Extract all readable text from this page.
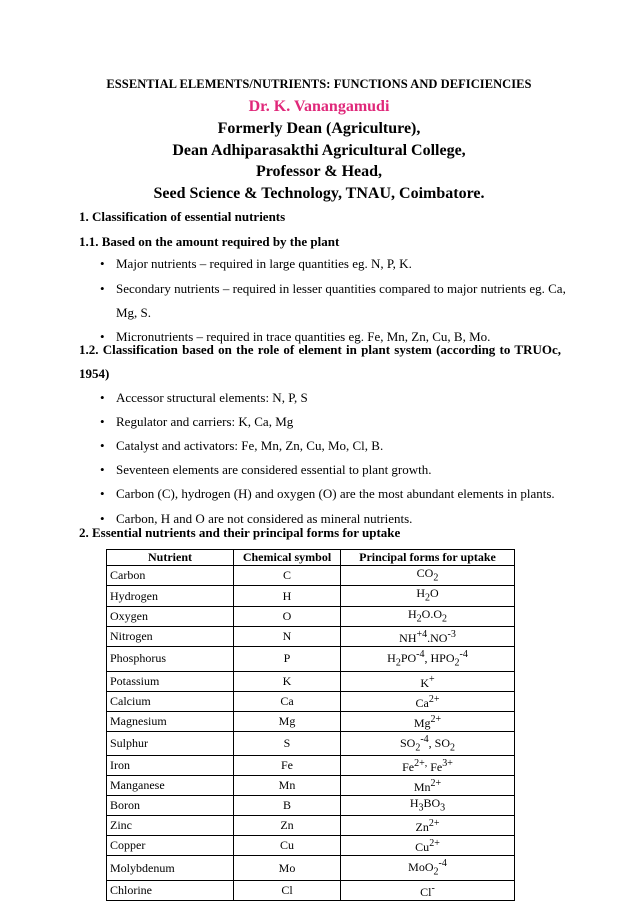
ESSENTIAL ELEMENTS/NUTRIENTS: FUNCTIONS AND DEFICIENCIES
Dr. K. Vanangamudi
Formerly Dean (Agriculture),
Dean Adhiparasakthi Agricultural College,
Professor & Head,
Seed Science & Technology, TNAU, Coimbatore.
1. Classification of essential nutrients
1.1. Based on the amount required by the plant
• Major nutrients – required in large quantities eg. N, P, K.
• Secondary nutrients – required in lesser quantities compared to major nutrients eg. Ca,
Mg, S.
• Micronutrients – required in trace quantities eg. Fe, Mn, Zn, Cu, B, Mo.
1.2. Classification based on the role of element in plant system (according to TRUOc,
1954)
• Accessor structural elements: N, P, S
• Regulator and carriers: K, Ca, Mg
• Catalyst and activators: Fe, Mn, Zn, Cu, Mo, Cl, B.
• Seventeen elements are considered essential to plant growth.
• Carbon (C), hydrogen (H) and oxygen (O) are the most abundant elements in plants.
2. Essential nutrients and their principal forms for uptake
Nutrient	Chemical symbol	Principal forms for uptake
Carbon	C	$CO_2$
Hydrogen	H	$H_2O$
Oxygen	O	$H_2O.O_2$
Nitrogen	N	$NH^{+4}.NO^{-3}$
Phosphorus	P	$H_2PO^{-4}$, $HPO_2^{-4}$
Potassium	K	K+
Calcium	Ca	$Ca^{2+}$
Magnesium	Mg	$Mg^{2+}$
Sulphur	S	$SO_2^{-4}$, $SO_2$
Iron	Fe	$Fe^{2+,}$ $Fe^{3+}$
Manganese	Mn	$Mn^{2+}$
Boron	B	$H_3BO_3$
Zinc	Zn	$Zn^{2+}$
Copper	Cu	$Cu^{2+}$
Molybdenum	Mo	MoO$_2^{-4}$
Chlorine	Cl	Cl-
• Carbon, H and O are not considered as mineral nutrients.
